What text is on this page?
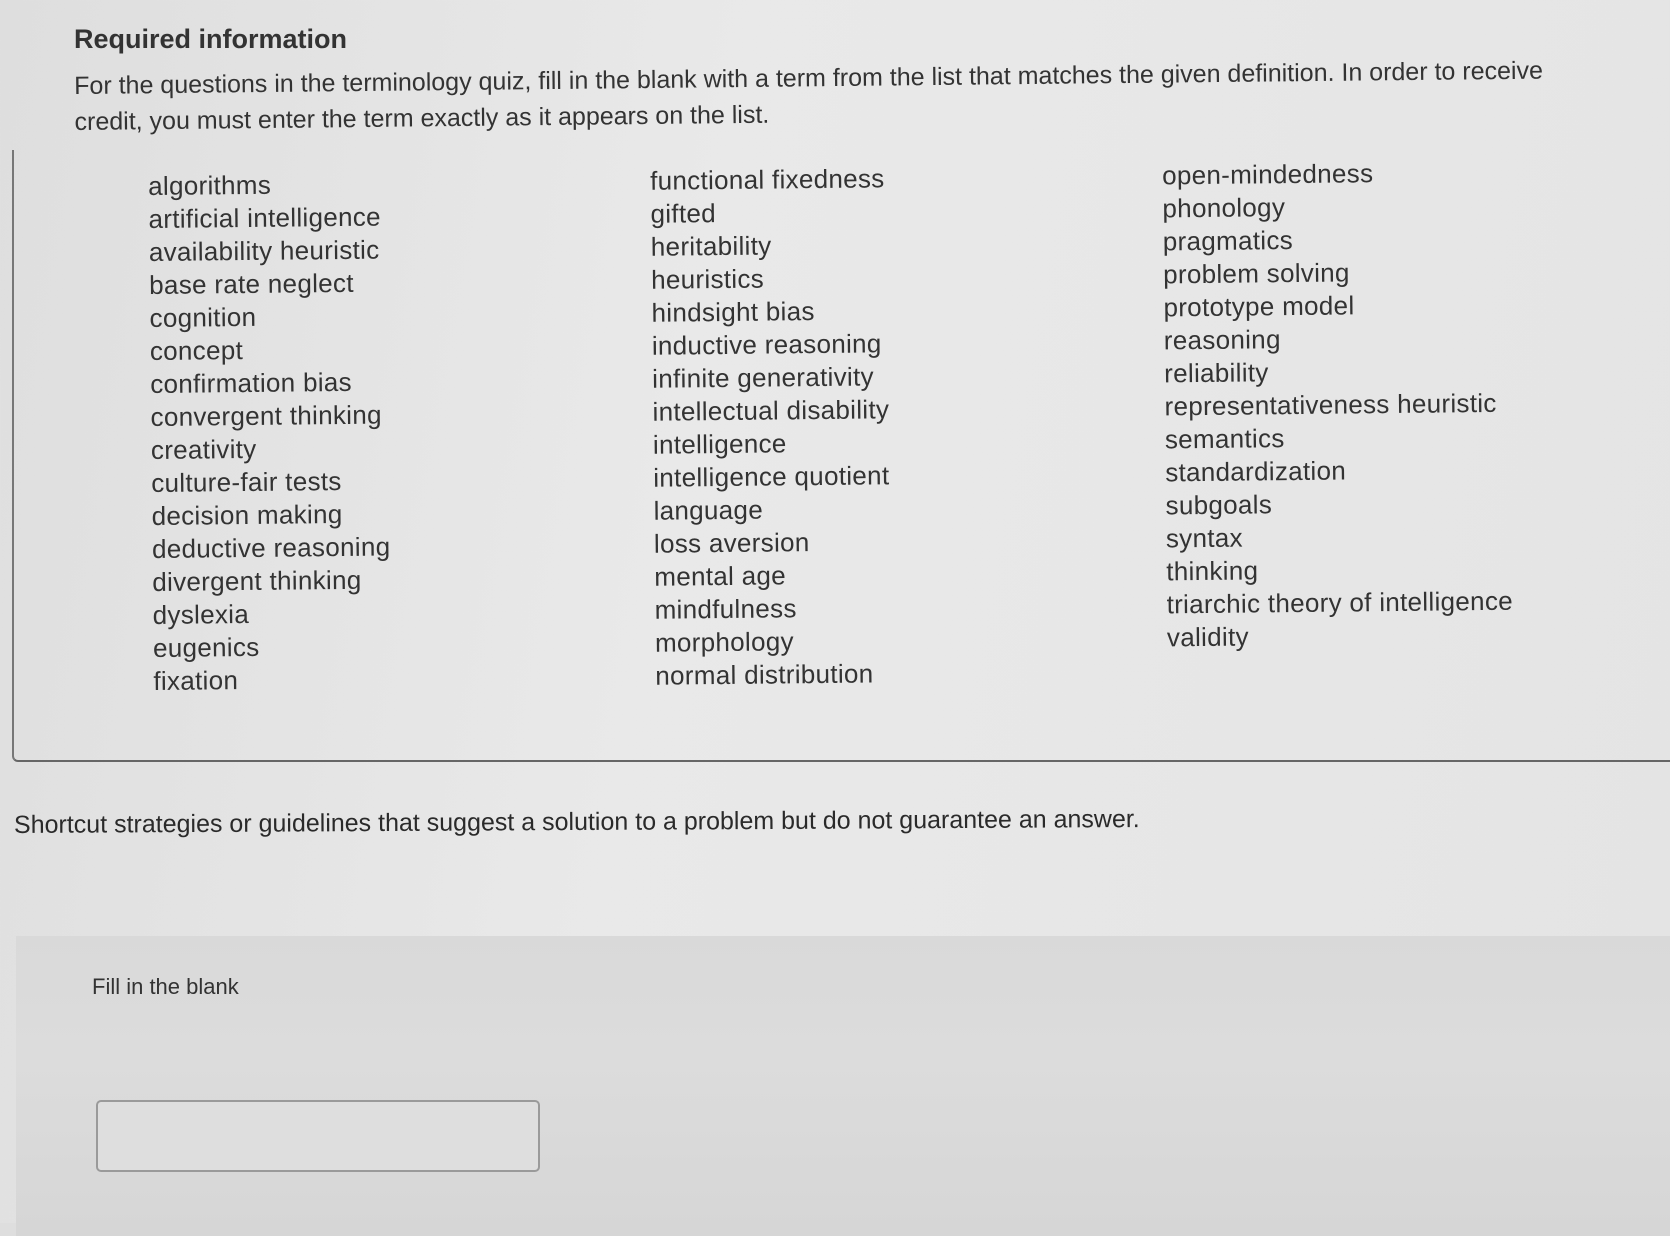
Required information
For the questions in the terminology quiz, fill in the blank with a term from the list that matches the given definition. In order to receive credit, you must enter the term exactly as it appears on the list.
algorithms
artificial intelligence
availability heuristic
base rate neglect
cognition
concept
confirmation bias
convergent thinking
creativity
culture-fair tests
decision making
deductive reasoning
divergent thinking
dyslexia
eugenics
fixation
functional fixedness
gifted
heritability
heuristics
hindsight bias
inductive reasoning
infinite generativity
intellectual disability
intelligence
intelligence quotient
language
loss aversion
mental age
mindfulness
morphology
normal distribution
open-mindedness
phonology
pragmatics
problem solving
prototype model
reasoning
reliability
representativeness heuristic
semantics
standardization
subgoals
syntax
thinking
triarchic theory of intelligence
validity
Shortcut strategies or guidelines that suggest a solution to a problem but do not guarantee an answer.
Fill in the blank
